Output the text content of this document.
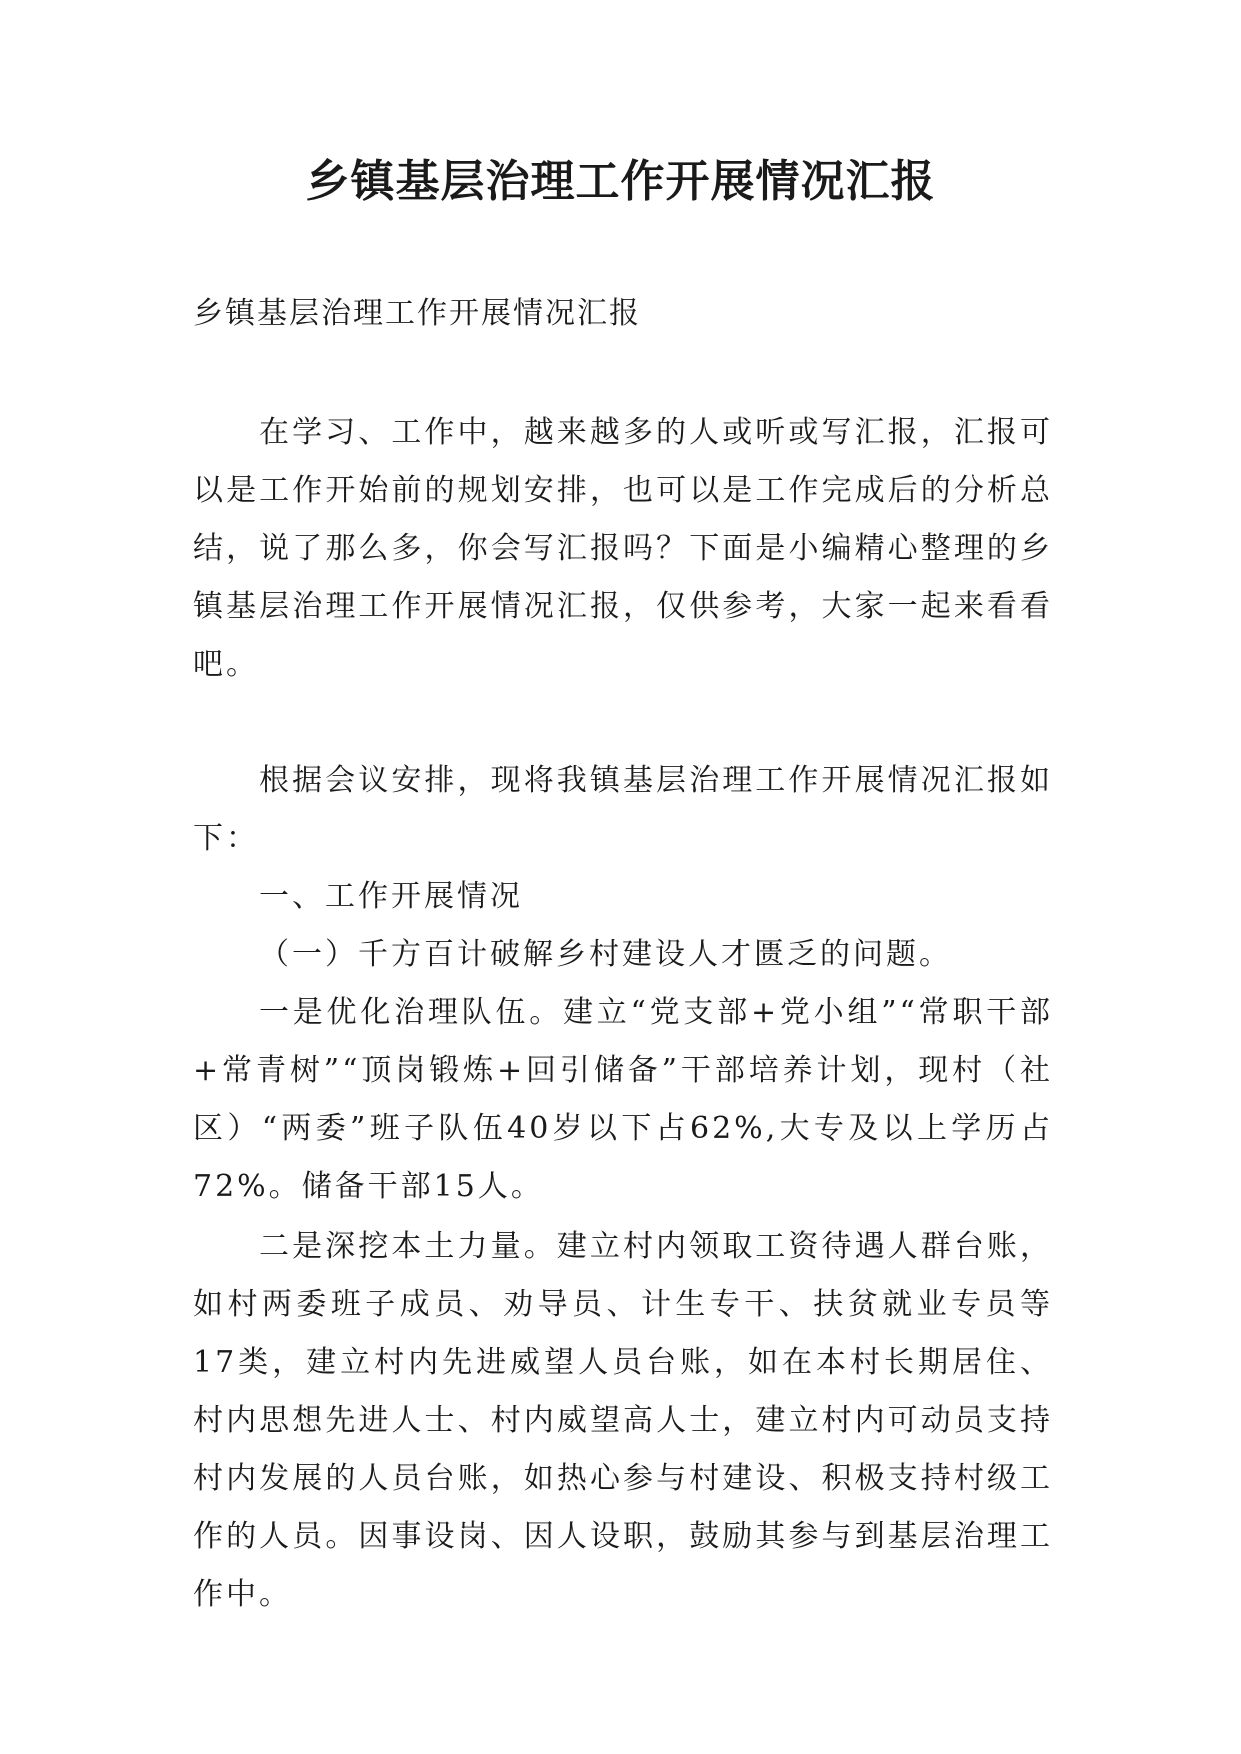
乡镇基层治理工作开展情况汇报

乡镇基层治理工作开展情况汇报

在学习、工作中，越来越多的人或听或写汇报，汇报可以是工作开始前的规划安排，也可以是工作完成后的分析总结，说了那么多，你会写汇报吗？下面是小编精心整理的乡镇基层治理工作开展情况汇报，仅供参考，大家一起来看看吧。

根据会议安排，现将我镇基层治理工作开展情况汇报如下：

一、工作开展情况

（一）千方百计破解乡村建设人才匮乏的问题。

一是优化治理队伍。建立“党支部+党小组”“常职干部+常青树”“顶岗锻炼+回引储备”干部培养计划，现村（社区）“两委”班子队伍40岁以下占62%,大专及以上学历占72%。储备干部15人。

二是深挖本土力量。建立村内领取工资待遇人群台账，如村两委班子成员、劝导员、计生专干、扶贫就业专员等17类，建立村内先进威望人员台账，如在本村长期居住、村内思想先进人士、村内威望高人士，建立村内可动员支持村内发展的人员台账，如热心参与村建设、积极支持村级工作的人员。因事设岗、因人设职，鼓励其参与到基层治理工作中。
